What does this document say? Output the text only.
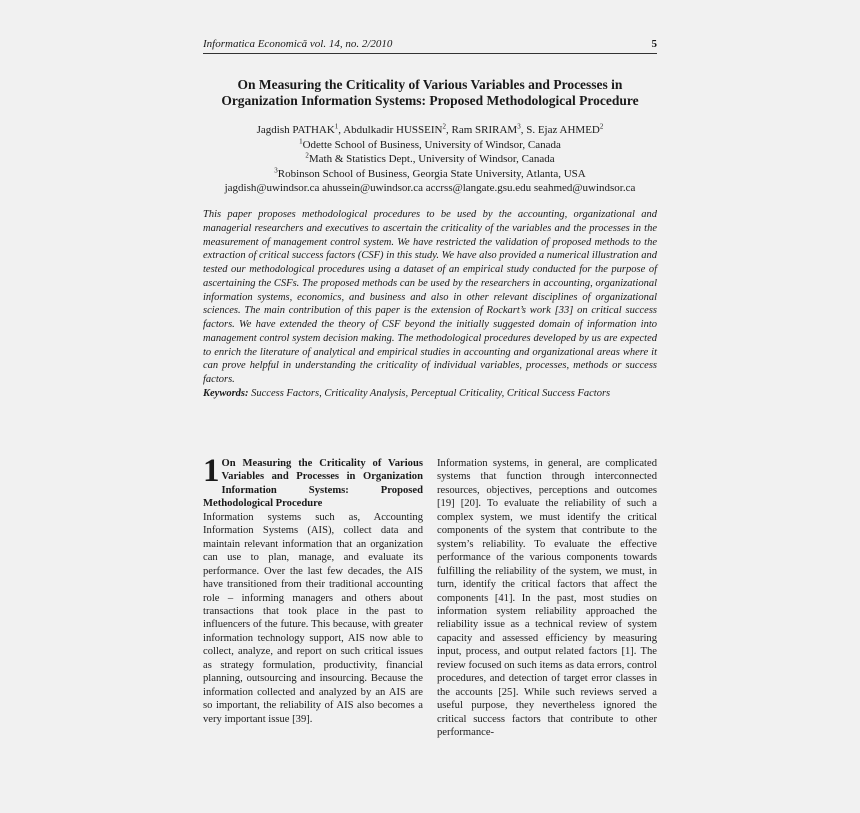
Informatica Economică vol. 14, no. 2/2010	5
On Measuring the Criticality of Various Variables and Processes in Organization Information Systems: Proposed Methodological Procedure
Jagdish PATHAK$^1$, Abdulkadir HUSSEIN$^2$, Ram SRIRAM$^3$, S. Ejaz AHMED$^2$
$^1$Odette School of Business, University of Windsor, Canada
$^2$Math & Statistics Dept., University of Windsor, Canada
$^3$Robinson School of Business, Georgia State University, Atlanta, USA
jagdish@uwindsor.ca ahussein@uwindsor.ca accrss@langate.gsu.edu seahmed@uwindsor.ca
This paper proposes methodological procedures to be used by the accounting, organizational and managerial researchers and executives to ascertain the criticality of the variables and the processes in the measurement of management control system. We have restricted the validation of proposed methods to the extraction of critical success factors (CSF) in this study. We have also provided a numerical illustration and tested our methodological procedures using a dataset of an empirical study conducted for the purpose of ascertaining the CSFs. The proposed methods can be used by the researchers in accounting, organizational information systems, economics, and business and also in other relevant disciplines of organizational sciences. The main contribution of this paper is the extension of Rockart’s work [33] on critical success factors. We have extended the theory of CSF beyond the initially suggested domain of information into management control system decision making. The methodological procedures developed by us are expected to enrich the literature of analytical and empirical studies in accounting and organizational areas where it can prove helpful in understanding the criticality of individual variables, processes, methods or success factors.

Keywords: Success Factors, Criticality Analysis, Perceptual Criticality, Critical Success Factors

1 On Measuring the Criticality of Various Variables and Processes in Organization Information Systems: Proposed Methodological Procedure

Information systems such as, Accounting Information Systems (AIS), collect data and maintain relevant information that an organization can use to plan, manage, and evaluate its performance. Over the last few decades, the AIS have transitioned from their traditional accounting role – informing managers and others about transactions that took place in the past to influencers of the future. This because, with greater information technology support, AIS now able to collect, analyze, and report on such critical issues as strategy formulation, productivity, financial planning, outsourcing and insourcing. Because the information collected and analyzed by an AIS are so important, the reliability of AIS also becomes a very important issue [39].

Information systems, in general, are complicated systems that function through interconnected resources, objectives, perceptions and outcomes [19] [20]. To evaluate the reliability of such a complex system, we must identify the critical components of the system that contribute to the system’s reliability. To evaluate the effective performance of the various components towards fulfilling the reliability of the system, we must, in turn, identify the critical factors that affect the components [41]. In the past, most studies on information system reliability approached the reliability issue as a technical review of system capacity and assessed efficiency by measuring input, process, and output related factors [1]. The review focused on such items as data errors, control procedures, and detection of target error classes in the accounts [25]. While such reviews served a useful purpose, they nevertheless ignored the critical success factors that contribute to other performance-
